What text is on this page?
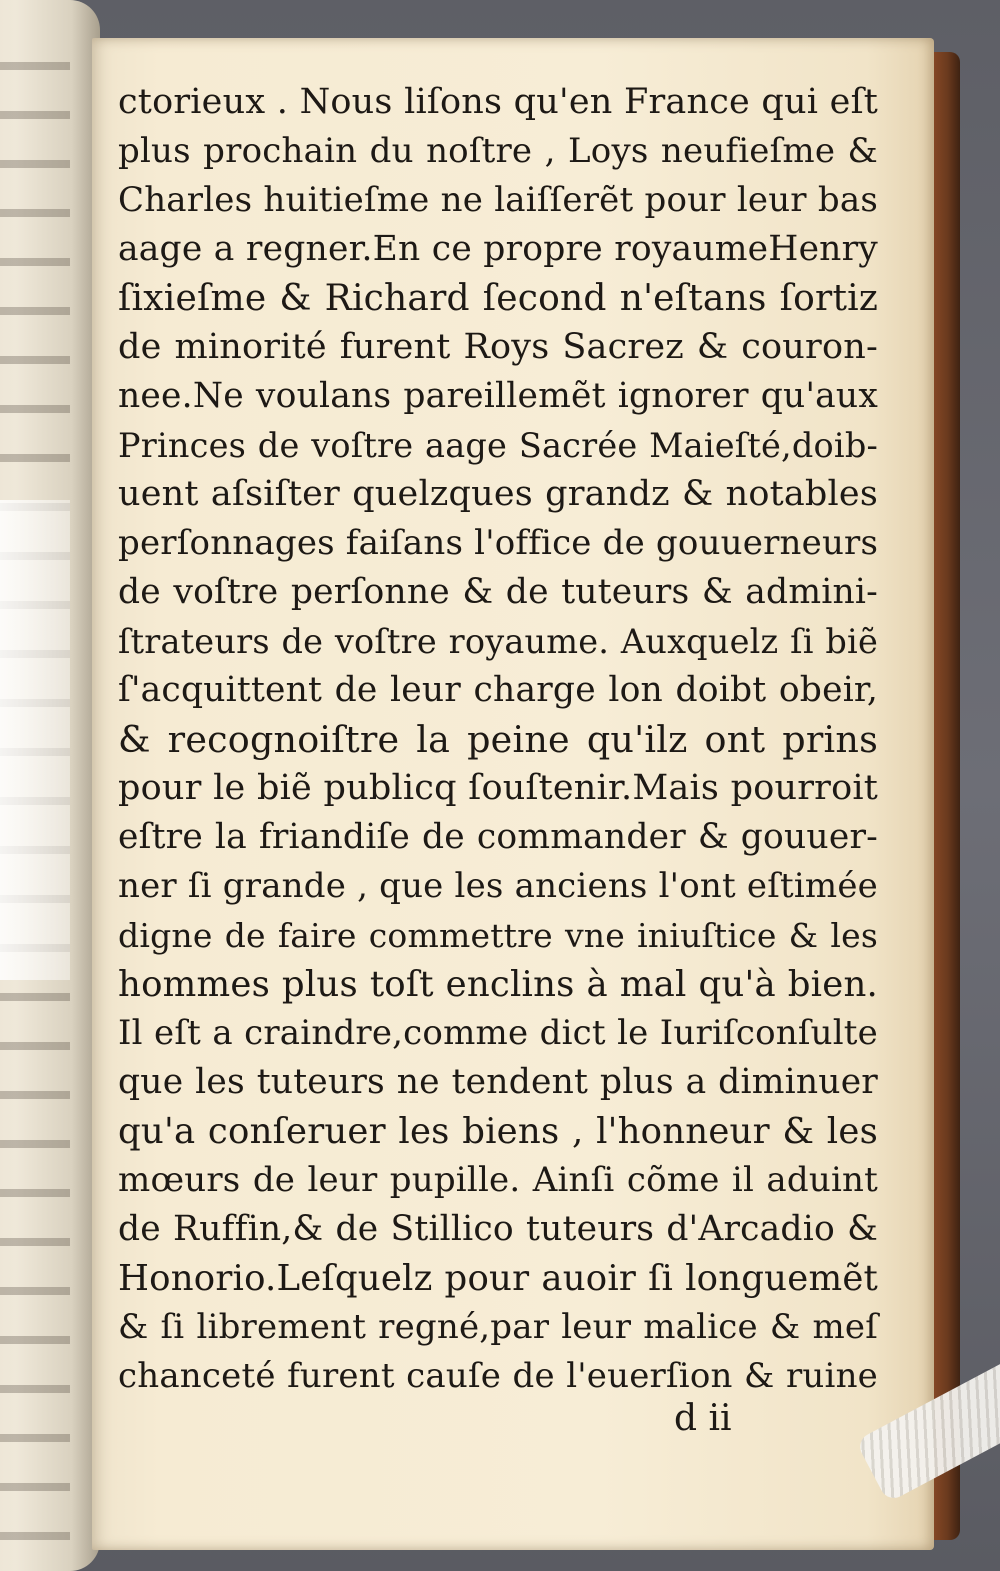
ctorieux . Nous liſons qu'en France qui eſt
plus prochain du noſtre , Loys neufieſme &
Charles huitieſme ne laiſſerẽt pour leur bas
aage a regner.En ce propre royaumeHenry
ſixieſme & Richard ſecond n'eſtans ſortiz
de minorité furent Roys Sacrez & couron-
nee.Ne voulans pareillemẽt ignorer qu'aux
Princes de voſtre aage Sacrée Maieſté,doib-
uent aſsiſter quelzques grandz & notables
perſonnages faiſans l'office de gouuerneurs
de voſtre perſonne & de tuteurs & admini-
ſtrateurs de voſtre royaume. Auxquelz ſi biẽ
ſ'acquittent de leur charge lon doibt obeir,
& recognoiſtre la peine qu'ilz ont prins
pour le biẽ publicq ſouſtenir.Mais pourroit
eſtre la friandiſe de commander & gouuer-
ner ſi grande , que les anciens l'ont eſtimée
digne de faire commettre vne iniuſtice & les
hommes plus toſt enclins à mal qu'à bien.
Il eſt a craindre,comme dict le Iuriſconſulte
que les tuteurs ne tendent plus a diminuer
qu'a conſeruer les biens , l'honneur & les
mœurs de leur pupille. Ainſi cõme il aduint
de Ruffin,& de Stillico tuteurs d'Arcadio &
Honorio.Leſquelz pour auoir ſi longuemẽt
& ſi librement regné,par leur malice & meſ
chanceté furent cauſe de l'euerſion & ruine
d ii
